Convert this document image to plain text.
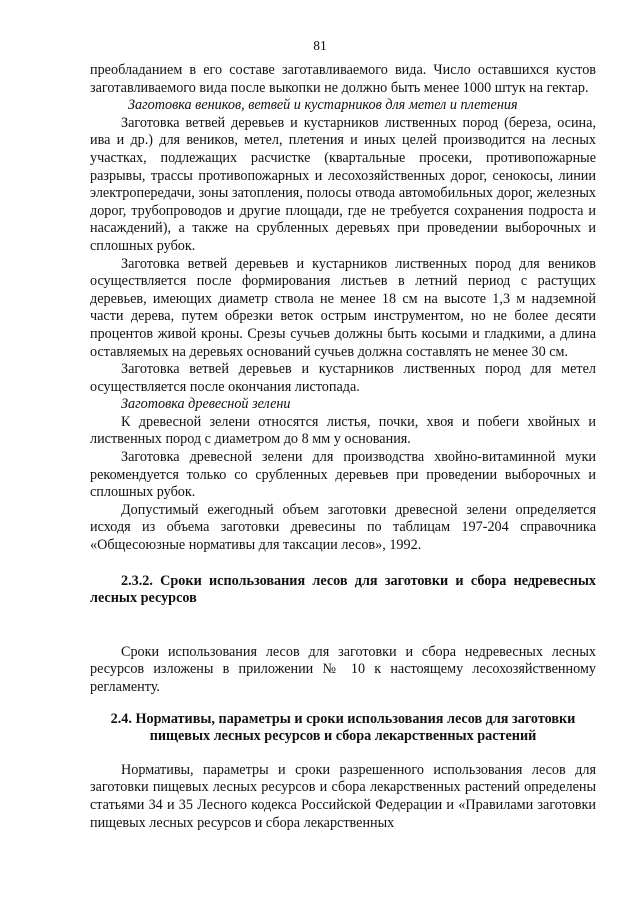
81

преобладанием в его составе заготавливаемого вида. Число оставшихся кустов заготавливаемого вида после выкопки не должно быть менее 1000 штук на гектар.

Заготовка веников, ветвей и кустарников для метел и плетения

Заготовка ветвей деревьев и кустарников лиственных пород (береза, осина, ива и др.) для веников, метел, плетения и иных целей производится на лесных участках, подлежащих расчистке (квартальные просеки, противопожарные разрывы, трассы противопожарных и лесохозяйственных дорог, сенокосы, линии электропередачи, зоны затопления, полосы отвода автомобильных дорог, железных дорог, трубопроводов и другие площади, где не требуется сохранения подроста и насаждений), а также на срубленных деревьях при проведении выборочных и сплошных рубок.

Заготовка ветвей деревьев и кустарников лиственных пород для веников осуществляется после формирования листьев в летний период с растущих деревьев, имеющих диаметр ствола не менее 18 см на высоте 1,3 м надземной части дерева, путем обрезки веток острым инструментом, но не более десяти процентов живой кроны. Срезы сучьев должны быть косыми и гладкими, а длина оставляемых на деревьях оснований сучьев должна составлять не менее 30 см.

Заготовка ветвей деревьев и кустарников лиственных пород для метел осуществляется после окончания листопада.

Заготовка древесной зелени

К древесной зелени относятся листья, почки, хвоя и побеги хвойных и лиственных пород с диаметром до 8 мм у основания.

Заготовка древесной зелени для производства хвойно-витаминной муки рекомендуется только со срубленных деревьев при проведении выборочных и сплошных рубок.

Допустимый ежегодный объем заготовки древесной зелени определяется исходя из объема заготовки древесины по таблицам 197-204 справочника «Общесоюзные нормативы для таксации лесов», 1992.

2.3.2. Сроки использования лесов для заготовки и сбора недревесных лесных ресурсов

Сроки использования лесов для заготовки и сбора недревесных лесных ресурсов изложены в приложении № 10 к настоящему лесохозяйственному регламенту.

2.4. Нормативы, параметры и сроки использования лесов для заготовки пищевых лесных ресурсов и сбора лекарственных растений

Нормативы, параметры и сроки разрешенного использования лесов для заготовки пищевых лесных ресурсов и сбора лекарственных растений определены статьями 34 и 35 Лесного кодекса Российской Федерации и «Правилами заготовки пищевых лесных ресурсов и сбора лекарственных
